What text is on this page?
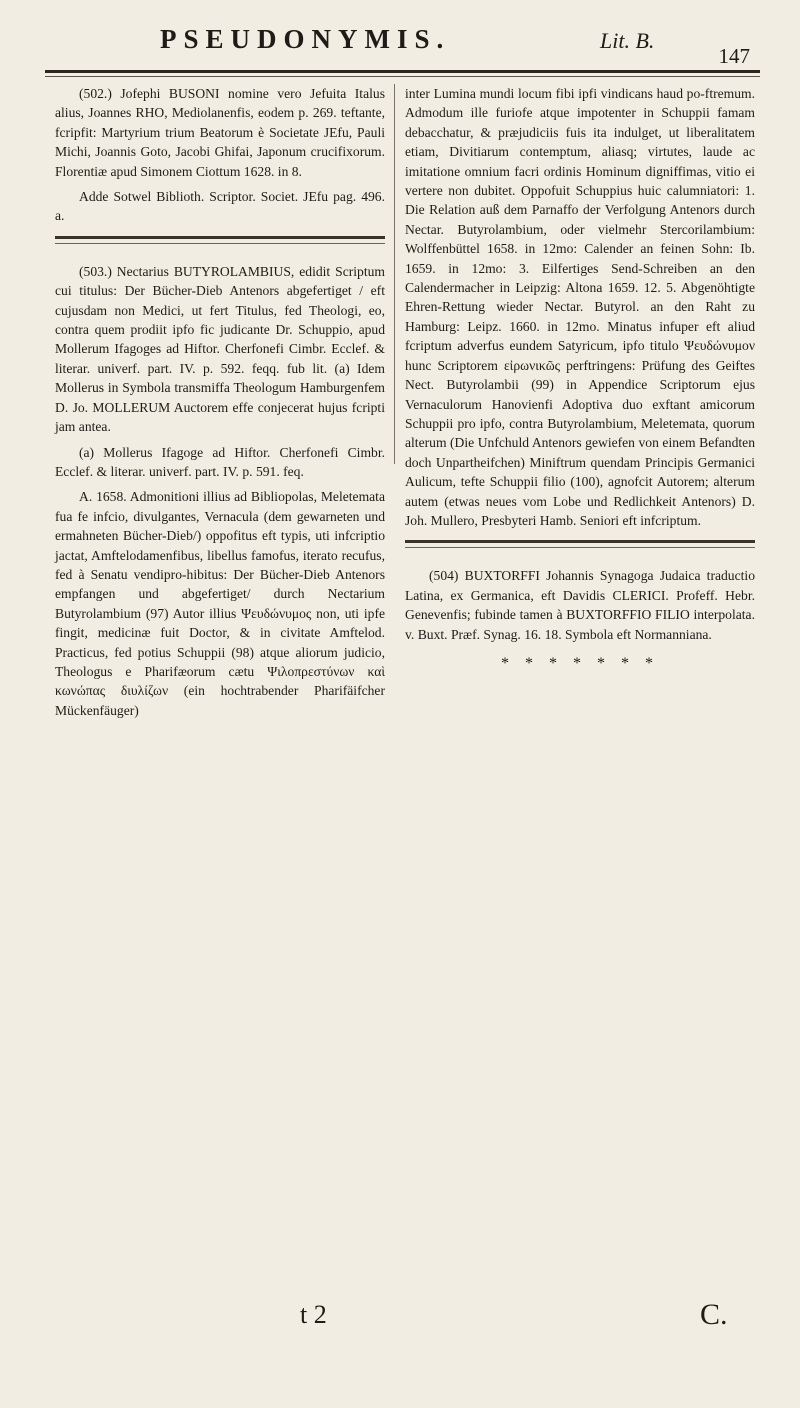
PSEUDONYMIS.	Lit. B.
147

(502.) Jofephi BUSONI nomine vero Jefuita Italus alius, Joannes RHO, Mediolanenfis, eodem p. 269. teftante, fcripfit: Martyrium trium Beatorum è Societate JEfu, Pauli Michi, Joannis Goto, Jacobi Ghifai, Japonum crucifixorum. Florentiæ apud Simonem Ciottum 1628. in 8.

Adde Sotwel Biblioth. Scriptor. Societ. JEfu pag. 496. a.

(503.) Nectarius BUTYROLAMBIUS, edidit Scriptum cui titulus: Der Bücher-Dieb Antenors abgefertiget / eft cujusdam non Medici, ut fert Titulus, fed Theologi, eo, contra quem prodiit ipfo fic judicante Dr. Schuppio, apud Mollerum Ifagoges ad Hiftor. Cherfonefi Cimbr. Ecclef. & literar. univerf. part. IV. p. 592. feqq. fub lit. (a) Idem Mollerus in Symbola transmiffa Theologum Hamburgenfem D. Jo. MOLLERUM Auctorem effe conjecerat hujus fcripti jam antea.

(a) Mollerus Ifagoge ad Hiftor. Cherfonefi Cimbr. Ecclef. & literar. univerf. part. IV. p. 591. feq.

A. 1658. Admonitioni illius ad Bibliopolas, Meletemata fua fe infcio, divulgantes, Vernacula (dem gewarneten und ermahneten Bücher-Dieb/) oppofitus eft typis, uti infcriptio jactat, Amftelodamenfibus, libellus famofus, iterato recufus, fed à Senatu vendipro-hibitus: Der Bücher-Dieb Antenors empfangen und abgefertiget/ durch Nectarium Butyrolambium (97) Autor illius Ψευδώνυμος non, uti ipfe fingit, medicinæ fuit Doctor, & in civitate Amftelod. Practicus, fed potius Schuppii (98) atque aliorum judicio, Theologus e Pharifæorum cætu Ψιλοπρεστύνων καὶ κωνώπας διυλίζων (ein hochtrabender Pharifäifcher Mückenfäuger)

inter Lumina mundi locum fibi ipfi vindicans haud po-ftremum. Admodum ille furiofe atque impotenter in Schuppii famam debacchatur, & præjudiciis fuis ita indulget, ut liberalitatem etiam, Divitiarum contemptum, aliasq; virtutes, laude ac imitatione omnium facri ordinis Hominum digniffimas, vitio ei vertere non dubitet. Oppofuit Schuppius huic calumniatori: 1. Die Relation auß dem Parnaffo der Verfolgung Antenors durch Nectar. Butyrolambium, oder vielmehr Stercorilambium: Wolffenbüttel 1658. in 12mo: Calender an feinen Sohn: Ib. 1659. in 12mo: 3. Eilfertiges Send-Schreiben an den Calendermacher in Leipzig: Altona 1659. 12. 5. Abgenöhtigte Ehren-Rettung wieder Nectar. Butyrol. an den Raht zu Hamburg: Leipz. 1660. in 12mo. Minatus infuper eft aliud fcriptum adverfus eundem Satyricum, ipfo titulo Ψευδώνυμον hunc Scriptorem εἰρωνικῶς perftringens: Prüfung des Geiftes Nect. Butyrolambii (99) in Appendice Scriptorum ejus Vernaculorum Hanovienfi Adoptiva duo exftant amicorum Schuppii pro ipfo, contra Butyrolambium, Meletemata, quorum alterum (Die Unfchuld Antenors gewiefen von einem Befandten doch Unpartheifchen) Miniftrum quendam Principis Germanici Aulicum, tefte Schuppii filio (100), agnofcit Autorem; alterum autem (etwas neues vom Lobe und Redlichkeit Antenors) D. Joh. Mullero, Presbyteri Hamb. Seniori eft infcriptum.

(504) BUXTORFFI Johannis Synagoga Judaica traductio Latina, ex Germanica, eft Davidis CLERICI. Profeff. Hebr. Genevenfis; fubinde tamen à BUXTORFFIO FILIO interpolata. v. Buxt. Præf. Synag. 16. 18. Symbola eft Normanniana.

* * * * * * *
t 2	C.
